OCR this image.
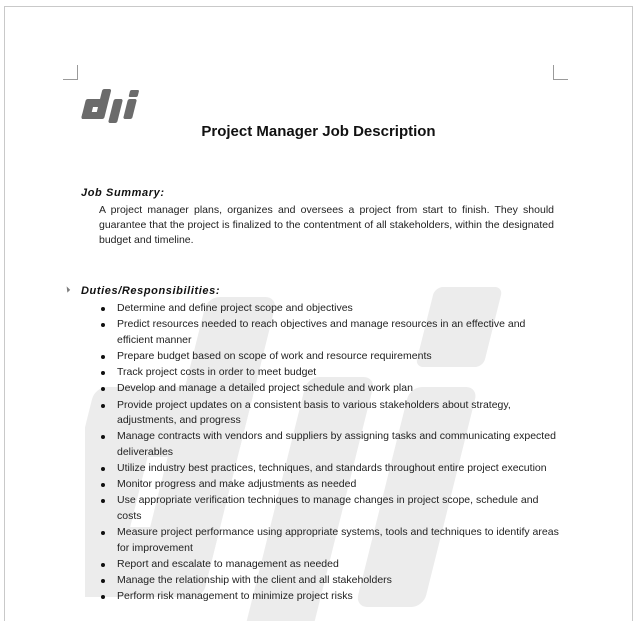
Project Manager Job Description
Job Summary:
A project manager plans, organizes and oversees a project from start to finish. They should guarantee that the project is finalized to the contentment of all stakeholders, within the designated budget and timeline.
Duties/Responsibilities:
Determine and define project scope and objectives
Predict resources needed to reach objectives and manage resources in an effective and efficient manner
Prepare budget based on scope of work and resource requirements
Track project costs in order to meet budget
Develop and manage a detailed project schedule and work plan
Provide project updates on a consistent basis to various stakeholders about strategy, adjustments, and progress
Manage contracts with vendors and suppliers by assigning tasks and communicating expected deliverables
Utilize industry best practices, techniques, and standards throughout entire project execution
Monitor progress and make adjustments as needed
Use appropriate verification techniques to manage changes in project scope, schedule and costs
Measure project performance using appropriate systems, tools and techniques to identify areas for improvement
Report and escalate to management as needed
Manage the relationship with the client and all stakeholders
Perform risk management to minimize project risks
